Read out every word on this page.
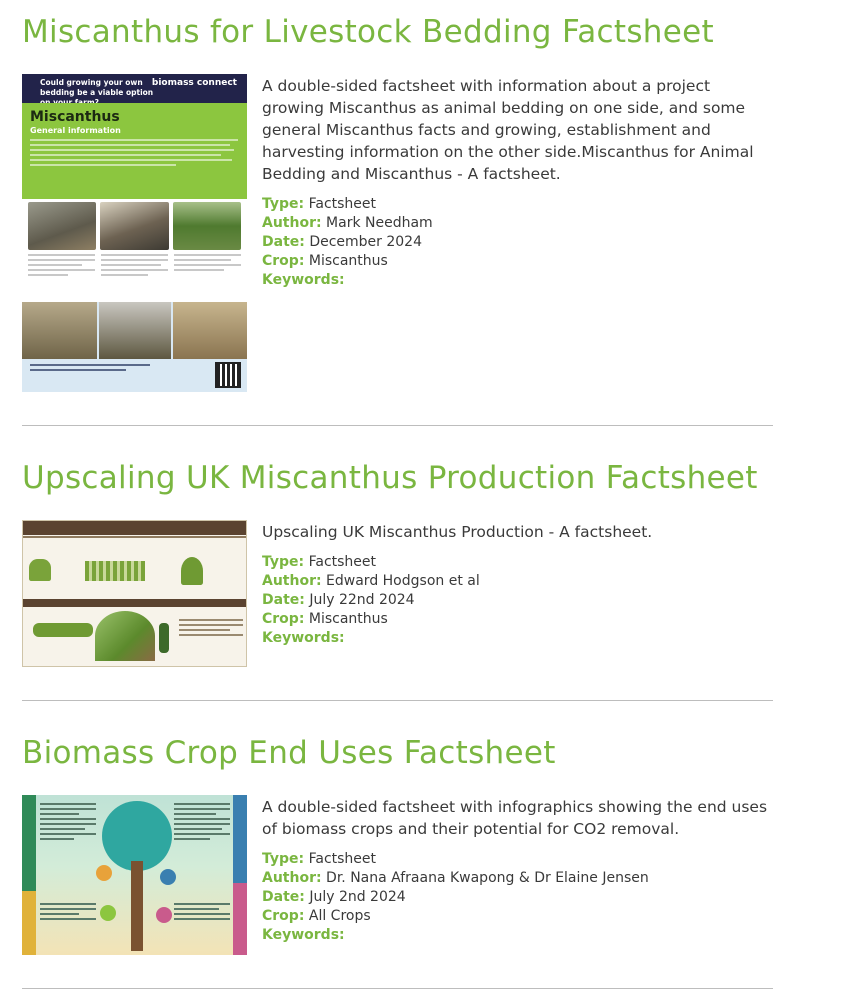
Miscanthus for Livestock Bedding Factsheet
Could growing your own bedding be a viable option
biomass connect
Miscanthus
General information

A double-sided factsheet with information about a project growing Miscanthus as animal bedding on one side, and some general Miscanthus facts and growing, establishment and harvesting information on the other side.Miscanthus for Animal Bedding and Miscanthus - A factsheet.

Type: Factsheet
Author: Mark Needham
Date: December 2024
Crop: Miscanthus
Keywords:
Upscaling UK Miscanthus Production Factsheet

Upscaling UK Miscanthus Production - A factsheet.

Type: Factsheet
Author: Edward Hodgson et al
Date: July 22nd 2024
Crop: Miscanthus
Keywords:
Biomass Crop End Uses Factsheet

A double-sided factsheet with infographics showing the end uses of biomass crops and their potential for CO2 removal.

Type: Factsheet
Author: Dr. Nana Afraana Kwapong & Dr Elaine Jensen
Date: July 2nd 2024
Crop: All Crops
Keywords:
